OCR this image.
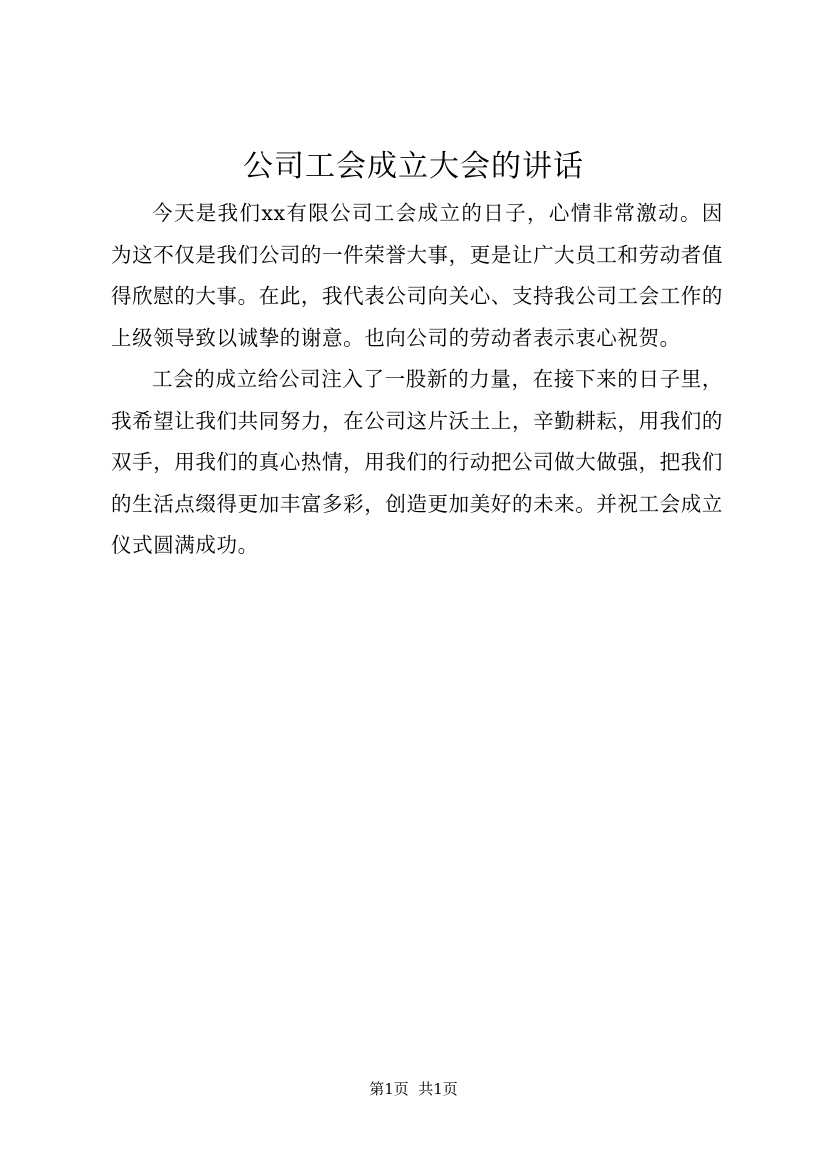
公司工会成立大会的讲话

今天是我们xx有限公司工会成立的日子，心情非常激动。因为这不仅是我们公司的一件荣誉大事，更是让广大员工和劳动者值得欣慰的大事。在此，我代表公司向关心、支持我公司工会工作的上级领导致以诚挚的谢意。也向公司的劳动者表示衷心祝贺。

工会的成立给公司注入了一股新的力量，在接下来的日子里，我希望让我们共同努力，在公司这片沃土上，辛勤耕耘，用我们的双手，用我们的真心热情，用我们的行动把公司做大做强，把我们的生活点缀得更加丰富多彩，创造更加美好的未来。并祝工会成立仪式圆满成功。

第1页  共1页
